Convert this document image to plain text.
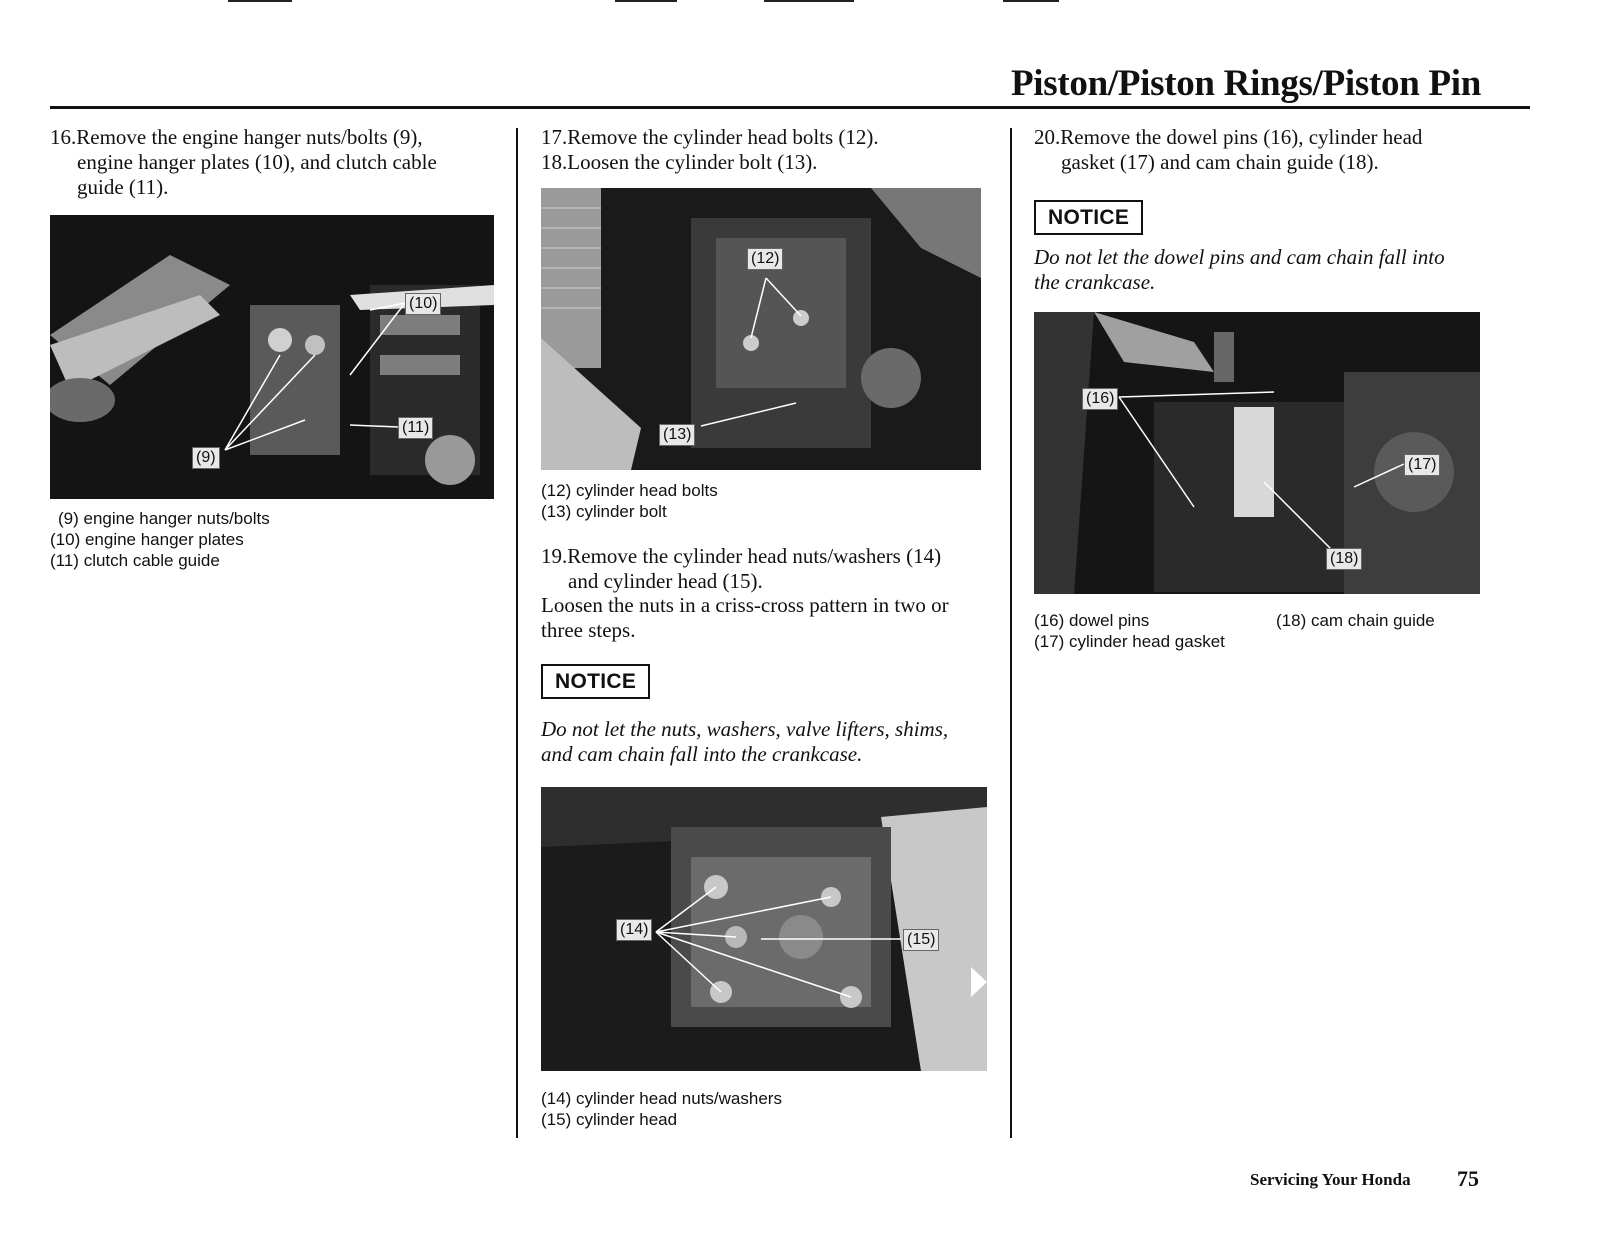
Piston/Piston Rings/Piston Pin
16.Remove the engine hanger nuts/bolts (9),
engine hanger plates (10), and clutch cable
guide (11).
(9)
(10)
(11)
(9) engine hanger nuts/bolts
(10) engine hanger plates
(11) clutch cable guide
17.Remove the cylinder head bolts (12).
18.Loosen the cylinder bolt (13).
(12)
(13)
(12) cylinder head bolts
(13) cylinder bolt
19.Remove the cylinder head nuts/washers (14)
and cylinder head (15).
Loosen the nuts in a criss-cross pattern in two or
three steps.
NOTICE
Do not let the nuts, washers, valve lifters, shims,
and cam chain fall into the crankcase.
(14)
(15)
(14) cylinder head nuts/washers
(15) cylinder head
20.Remove the dowel pins (16), cylinder head
gasket (17) and cam chain guide (18).
NOTICE
Do not let the dowel pins and cam chain fall into
the crankcase.
(16)
(17)
(18)
(16) dowel pins
(17) cylinder head gasket
(18) cam chain guide
Servicing Your Honda 75
